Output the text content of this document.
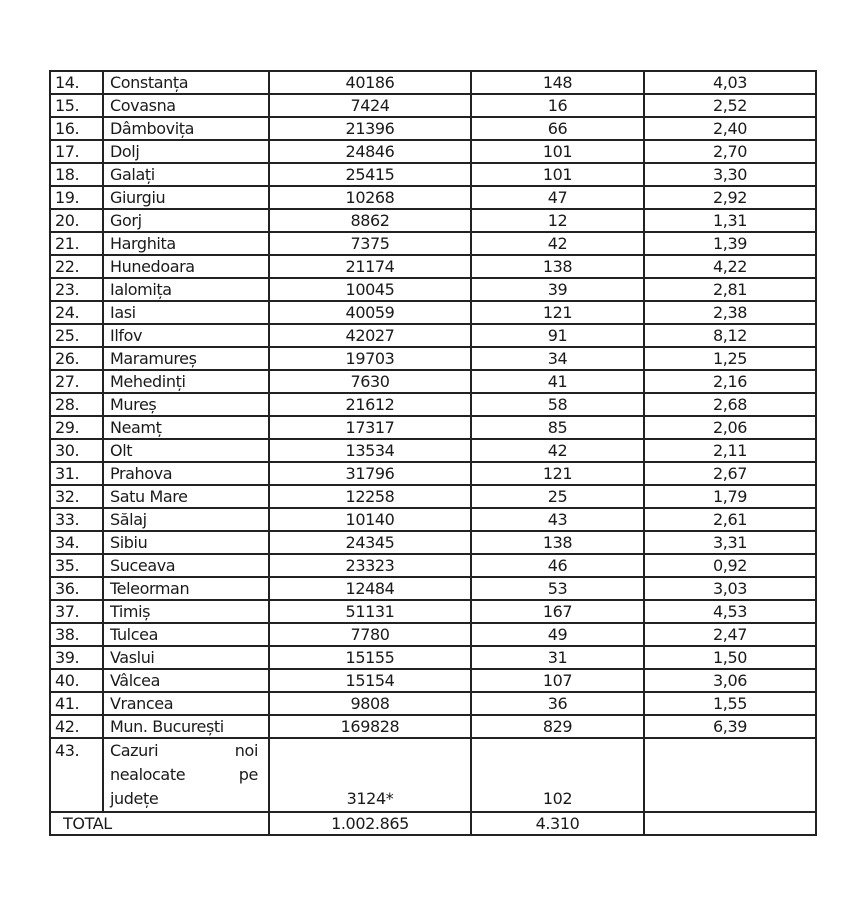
14.	Constanța	40186	148	4,03
15.	Covasna	7424	16	2,52
16.	Dâmbovița	21396	66	2,40
17.	Dolj	24846	101	2,70
18.	Galați	25415	101	3,30
19.	Giurgiu	10268	47	2,92
20.	Gorj	8862	12	1,31
21.	Harghita	7375	42	1,39
22.	Hunedoara	21174	138	4,22
23.	Ialomița	10045	39	2,81
24.	Iasi	40059	121	2,38
25.	Ilfov	42027	91	8,12
26.	Maramureș	19703	34	1,25
27.	Mehedinți	7630	41	2,16
28.	Mureș	21612	58	2,68
29.	Neamț	17317	85	2,06
30.	Olt	13534	42	2,11
31.	Prahova	31796	121	2,67
32.	Satu Mare	12258	25	1,79
33.	Sălaj	10140	43	2,61
34.	Sibiu	24345	138	3,31
35.	Suceava	23323	46	0,92
36.	Teleorman	12484	53	3,03
37.	Timiș	51131	167	4,53
38.	Tulcea	7780	49	2,47
39.	Vaslui	15155	31	1,50
40.	Vâlcea	15154	107	3,06
41.	Vrancea	9808	36	1,55
42.	Mun. București	169828	829	6,39
43.	Cazuri noi
nealocate pe
județe	3124*	102	
TOTAL		1.002.865	4.310	
